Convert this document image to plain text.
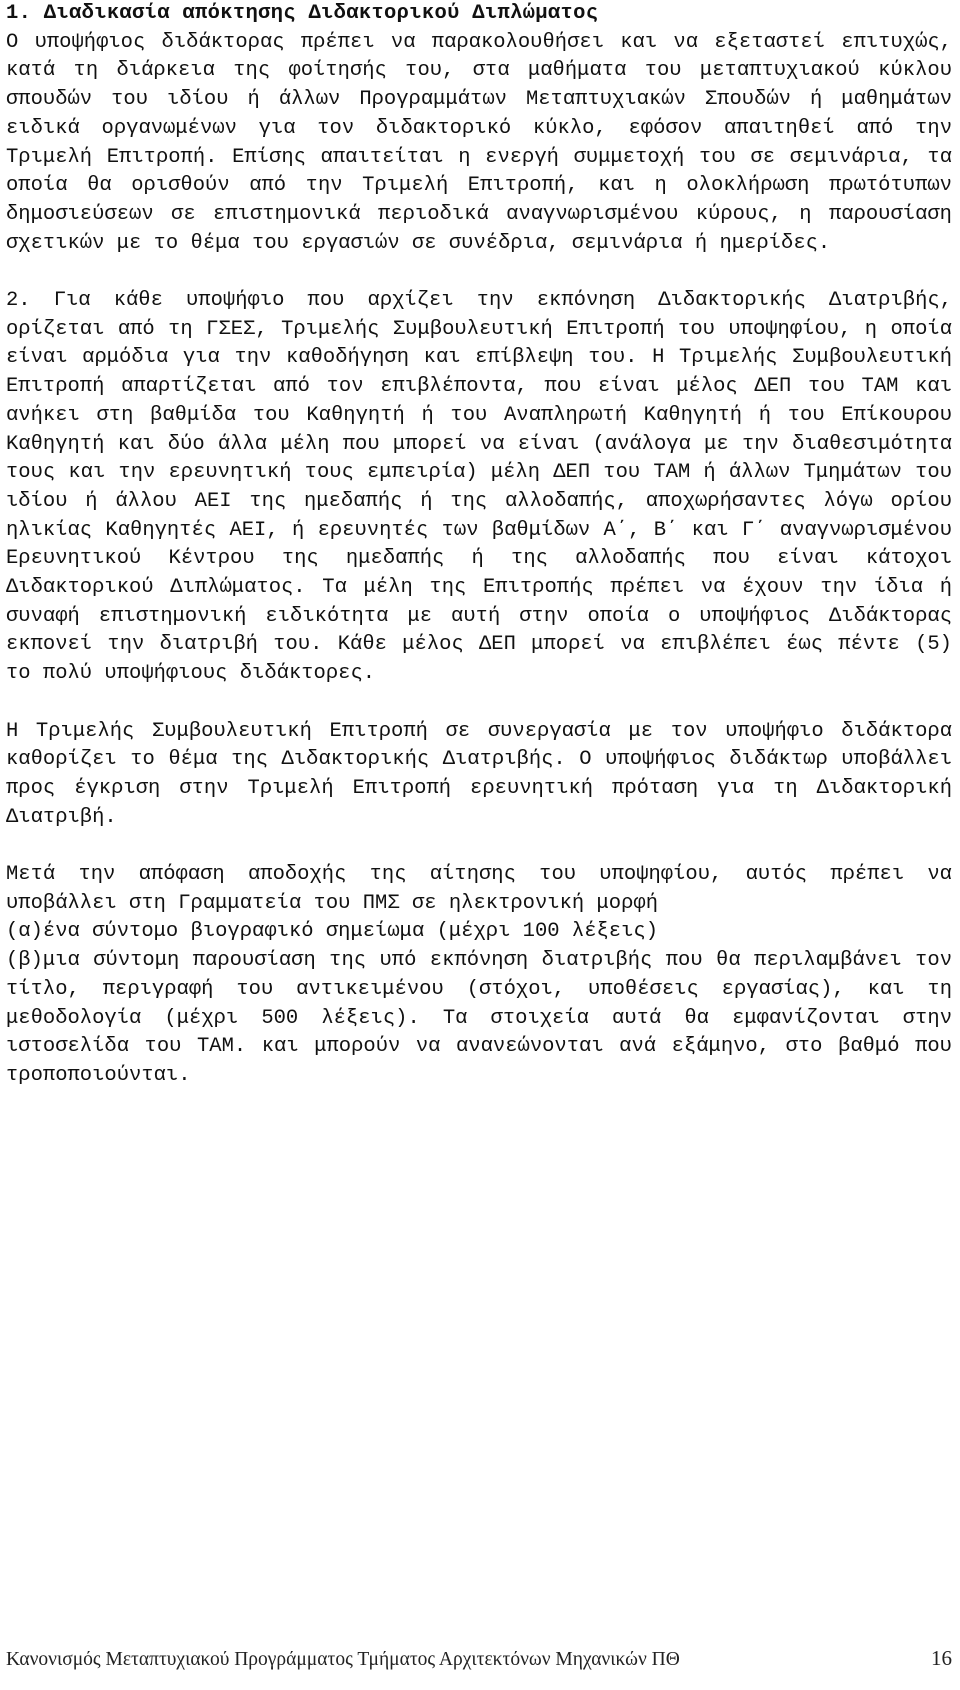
1. Διαδικασία απόκτησης Διδακτορικού Διπλώματος

Ο υποψήφιος διδάκτορας πρέπει να παρακολουθήσει και να εξεταστεί επιτυχώς, κατά τη διάρκεια της φοίτησής του, στα μαθήματα του μεταπτυχιακού κύκλου σπουδών του ιδίου ή άλλων Προγραμμάτων Μεταπτυχιακών Σπουδών ή μαθημάτων ειδικά οργανωμένων για τον διδακτορικό κύκλο, εφόσον απαιτηθεί από την Τριμελή Επιτροπή. Επίσης απαιτείται η ενεργή συμμετοχή του σε σεμινάρια, τα οποία θα ορισθούν από την Τριμελή Επιτροπή, και η ολοκλήρωση πρωτότυπων δημοσιεύσεων σε επιστημονικά περιοδικά αναγνωρισμένου κύρους, η παρουσίαση σχετικών με το θέμα του εργασιών σε συνέδρια, σεμινάρια ή ημερίδες.

2. Για κάθε υποψήφιο που αρχίζει την εκπόνηση Διδακτορικής Διατριβής, ορίζεται από τη ΓΣΕΣ, Τριμελής Συμβουλευτική Επιτροπή του υποψηφίου, η οποία είναι αρμόδια για την καθοδήγηση και επίβλεψη του. Η Τριμελής Συμβουλευτική Επιτροπή απαρτίζεται από τον επιβλέποντα, που είναι μέλος ΔΕΠ του ΤΑΜ και ανήκει στη βαθμίδα του Καθηγητή ή του Αναπληρωτή Καθηγητή ή του Επίκουρου Καθηγητή και δύο άλλα μέλη που μπορεί να είναι (ανάλογα με την διαθεσιμότητα τους και την ερευνητική τους εμπειρία) μέλη ΔΕΠ του ΤΑΜ ή άλλων Τμημάτων του ιδίου ή άλλου ΑΕΙ της ημεδαπής ή της αλλοδαπής, αποχωρήσαντες λόγω ορίου ηλικίας Καθηγητές ΑΕΙ, ή ερευνητές των βαθμίδων Α΄, Β΄ και Γ΄ αναγνωρισμένου Ερευνητικού Κέντρου της ημεδαπής ή της αλλοδαπής που είναι κάτοχοι Διδακτορικού Διπλώματος. Τα μέλη της Επιτροπής πρέπει να έχουν την ίδια ή συναφή επιστημονική ειδικότητα με αυτή στην οποία ο υποψήφιος Διδάκτορας εκπονεί την διατριβή του. Κάθε μέλος ΔΕΠ μπορεί να επιβλέπει έως πέντε (5) το πολύ υποψήφιους διδάκτορες.

Η Τριμελής Συμβουλευτική Επιτροπή σε συνεργασία με τον υποψήφιο διδάκτορα καθορίζει το θέμα της Διδακτορικής Διατριβής. Ο υποψήφιος διδάκτωρ υποβάλλει προς έγκριση στην Τριμελή Επιτροπή ερευνητική πρόταση για τη Διδακτορική Διατριβή.

Μετά την απόφαση αποδοχής της αίτησης του υποψηφίου, αυτός πρέπει να υποβάλλει στη Γραμματεία του ΠΜΣ σε ηλεκτρονική μορφή

(α)ένα σύντομο βιογραφικό σημείωμα (μέχρι 100 λέξεις)

(β)μια σύντομη παρουσίαση της υπό εκπόνηση διατριβής που θα περιλαμβάνει τον τίτλο, περιγραφή του αντικειμένου (στόχοι, υποθέσεις εργασίας), και τη μεθοδολογία (μέχρι 500 λέξεις). Τα στοιχεία αυτά θα εμφανίζονται στην ιστοσελίδα του ΤΑΜ. και μπορούν να ανανεώνονται ανά εξάμηνο, στο βαθμό που τροποποιούνται.

Κανονισμός Μεταπτυχιακού Προγράμματος Τμήματος Αρχιτεκτόνων Μηχανικών ΠΘ	16
